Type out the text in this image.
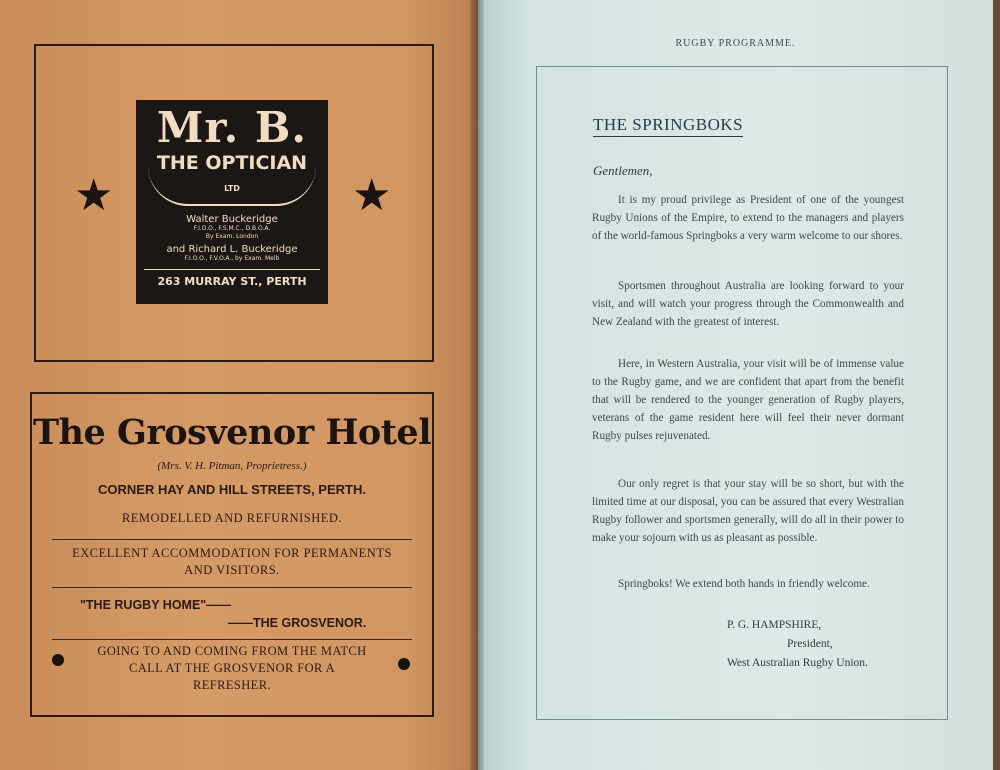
★	★
Mr. B.
THE OPTICIAN LTD
Walter Buckeridge
F.I.O.O., F.S.M.C., D.B.O.A.
By Exam. London
and Richard L. Buckeridge
F.I.O.O., F.V.O.A., by Exam. Melb
263 MURRAY ST., PERTH
The Grosvenor Hotel
(Mrs. V. H. Pitman, Proprietress.)
CORNER HAY AND HILL STREETS, PERTH.
REMODELLED AND REFURNISHED.
EXCELLENT ACCOMMODATION FOR PERMANENTS
AND VISITORS.
"THE RUGBY HOME"——
——THE GROSVENOR.
GOING TO AND COMING FROM THE MATCH
CALL AT THE GROSVENOR FOR A
REFRESHER.
RUGBY PROGRAMME.
THE SPRINGBOKS
Gentlemen,

It is my proud privilege as President of one of the youngest Rugby Unions of the Empire, to extend to the managers and players of the world-famous Springboks a very warm welcome to our shores.

Sportsmen throughout Australia are looking forward to your visit, and will watch your progress through the Commonwealth and New Zealand with the greatest of interest.

Here, in Western Australia, your visit will be of immense value to the Rugby game, and we are confident that apart from the benefit that will be rendered to the younger generation of Rugby players, veterans of the game resident here will feel their never dormant Rugby pulses rejuvenated.

Our only regret is that your stay will be so short, but with the limited time at our disposal, you can be assured that every Westralian Rugby follower and sportsmen generally, will do all in their power to make your sojourn with us as pleasant as possible.

Springboks! We extend both hands in friendly welcome.

P. G. HAMPSHIRE,
President,
West Australian Rugby Union.
